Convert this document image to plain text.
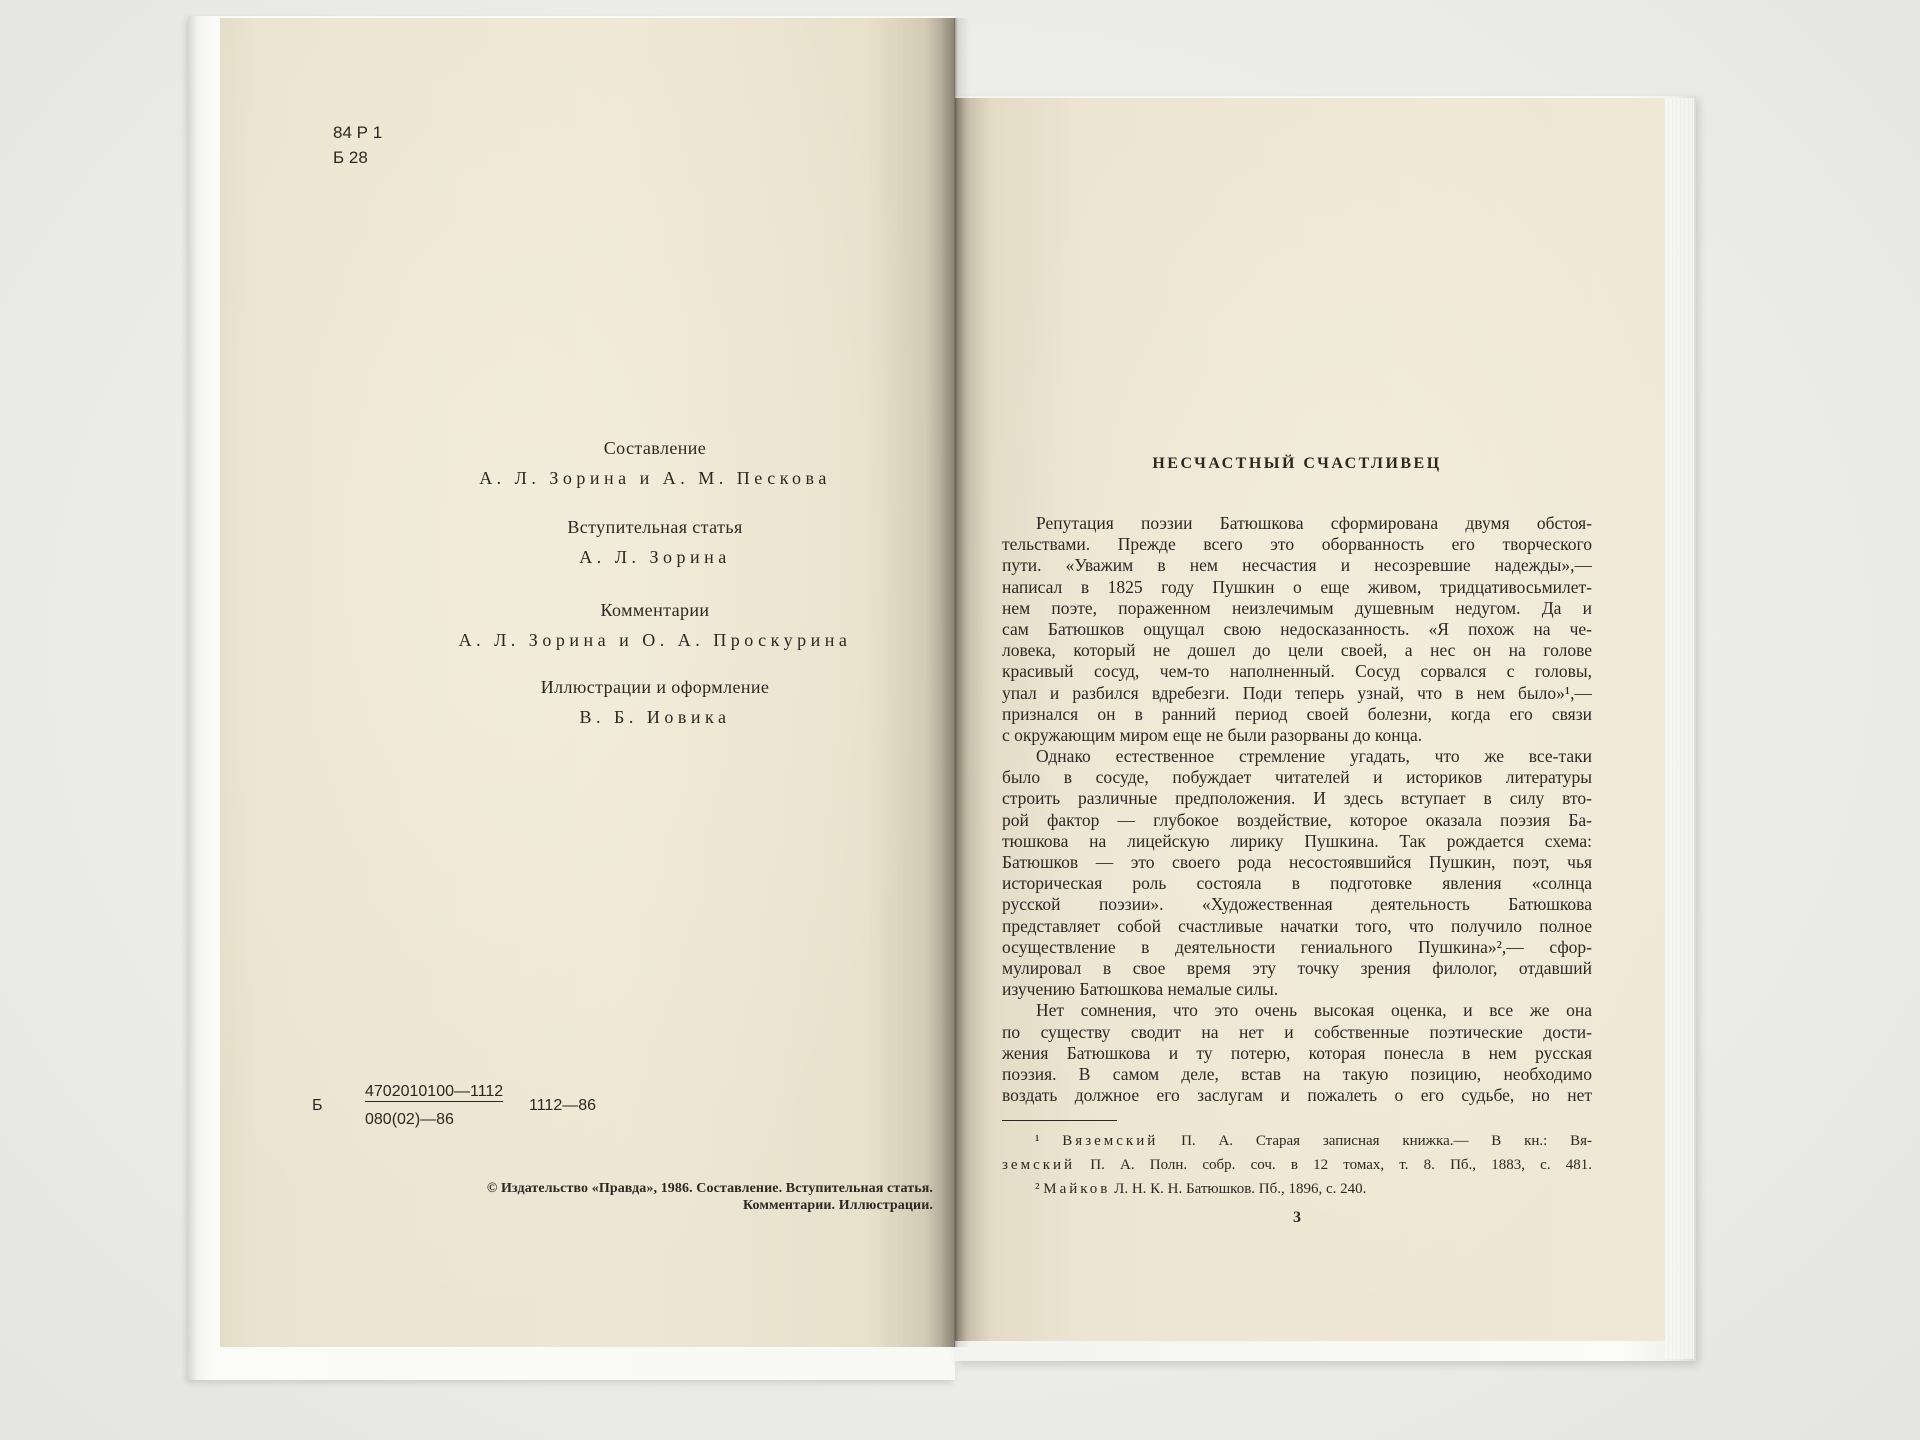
84 Р 1
Б 28
Составление
А. Л. Зорина и А. М. Пескова
Вступительная статья
А. Л. Зорина
Комментарии
А. Л. Зорина и О. А. Проскурина
Иллюстрации и оформление
В. Б. Иовика
Б
4702010100—1112
080(02)—86
1112—86
© Издательство «Правда», 1986. Составление. Вступительная статья.
Комментарии. Иллюстрации.
НЕСЧАСТНЫЙ СЧАСТЛИВЕЦ
Репутация поэзии Батюшкова сформирована двумя обстоя-
тельствами. Прежде всего это оборванность его творческого
пути. «Уважим в нем несчастия и несозревшие надежды»,—
написал в 1825 году Пушкин о еще живом, тридцативосьмилет-
нем поэте, пораженном неизлечимым душевным недугом. Да и
сам Батюшков ощущал свою недосказанность. «Я похож на че-
ловека, который не дошел до цели своей, а нес он на голове
красивый сосуд, чем-то наполненный. Сосуд сорвался с головы,
упал и разбился вдребезги. Поди теперь узнай, что в нем было»¹,—
признался он в ранний период своей болезни, когда его связи
с окружающим миром еще не были разорваны до конца.
Однако естественное стремление угадать, что же все-таки
было в сосуде, побуждает читателей и историков литературы
строить различные предположения. И здесь вступает в силу вто-
рой фактор — глубокое воздействие, которое оказала поэзия Ба-
тюшкова на лицейскую лирику Пушкина. Так рождается схема:
Батюшков — это своего рода несостоявшийся Пушкин, поэт, чья
историческая роль состояла в подготовке явления «солнца
русской поэзии». «Художественная деятельность Батюшкова
представляет собой счастливые начатки того, что получило полное
осуществление в деятельности гениального Пушкина»²,— сфор-
мулировал в свое время эту точку зрения филолог, отдавший
изучению Батюшкова немалые силы.
Нет сомнения, что это очень высокая оценка, и все же она
по существу сводит на нет и собственные поэтические дости-
жения Батюшкова и ту потерю, которая понесла в нем русская
поэзия. В самом деле, встав на такую позицию, необходимо
воздать должное его заслугам и пожалеть о его судьбе, но нет
¹ Вяземский П. А. Старая записная книжка.— В кн.: Вя-
земский П. А. Полн. собр. соч. в 12 томах, т. 8. Пб., 1883, с. 481.
² Майков Л. Н. К. Н. Батюшков. Пб., 1896, с. 240.
3
